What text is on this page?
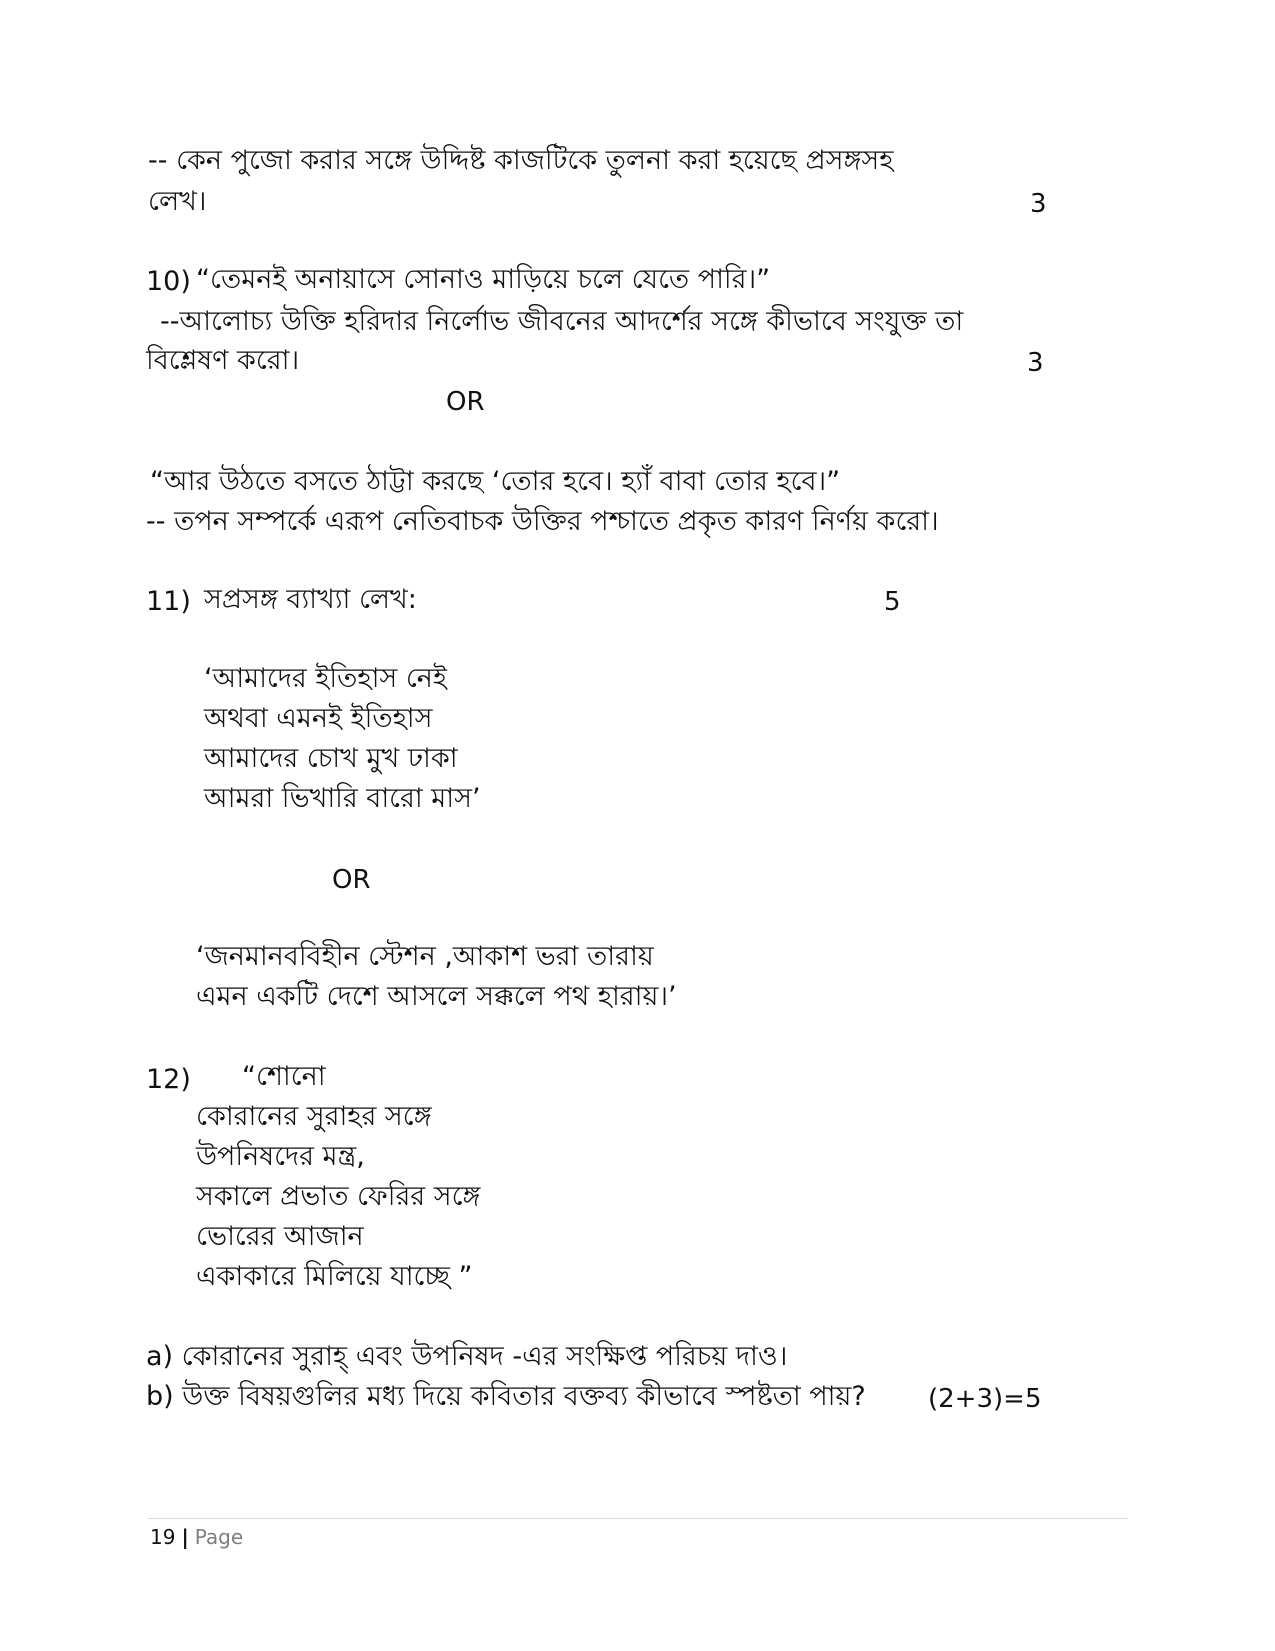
-- কেন পুজো করার সঙ্গে উদ্দিষ্ট কাজটিকে তুলনা করা হয়েছে প্রসঙ্গসহ
লেখ।	3
10) “তেমনই অনায়াসে সোনাও মাড়িয়ে চলে যেতে পারি।”
--আলোচ্য উক্তি হরিদার নির্লোভ জীবনের আদর্শের সঙ্গে কীভাবে সংযুক্ত তা
বিশ্লেষণ করো।	3
OR
“আর উঠতে বসতে ঠাট্টা করছে ‘তোর হবে। হ্যাঁ বাবা তোর হবে।”
-- তপন সম্পর্কে এরূপ নেতিবাচক উক্তির পশ্চাতে প্রকৃত কারণ নির্ণয় করো।
11) সপ্রসঙ্গ ব্যাখ্যা লেখ:	5
‘আমাদের ইতিহাস নেই
অথবা এমনই ইতিহাস
আমাদের চোখ মুখ ঢাকা
আমরা ভিখারি বারো মাস’
OR
‘জনমানববিহীন স্টেশন ,আকাশ ভরা তারায়
এমন একটি দেশে আসলে সক্কলে পথ হারায়।’
12) “শোনো
কোরানের সুরাহর সঙ্গে
উপনিষদের মন্ত্র,
সকালে প্রভাত ফেরির সঙ্গে
ভোরের আজান
একাকারে মিলিয়ে যাচ্ছে ”
a) কোরানের সুরাহ্ এবং উপনিষদ -এর সংক্ষিপ্ত পরিচয় দাও।
b) উক্ত বিষয়গুলির মধ্য দিয়ে কবিতার বক্তব্য কীভাবে স্পষ্টতা পায়? (2+3)=5
19 | Page
